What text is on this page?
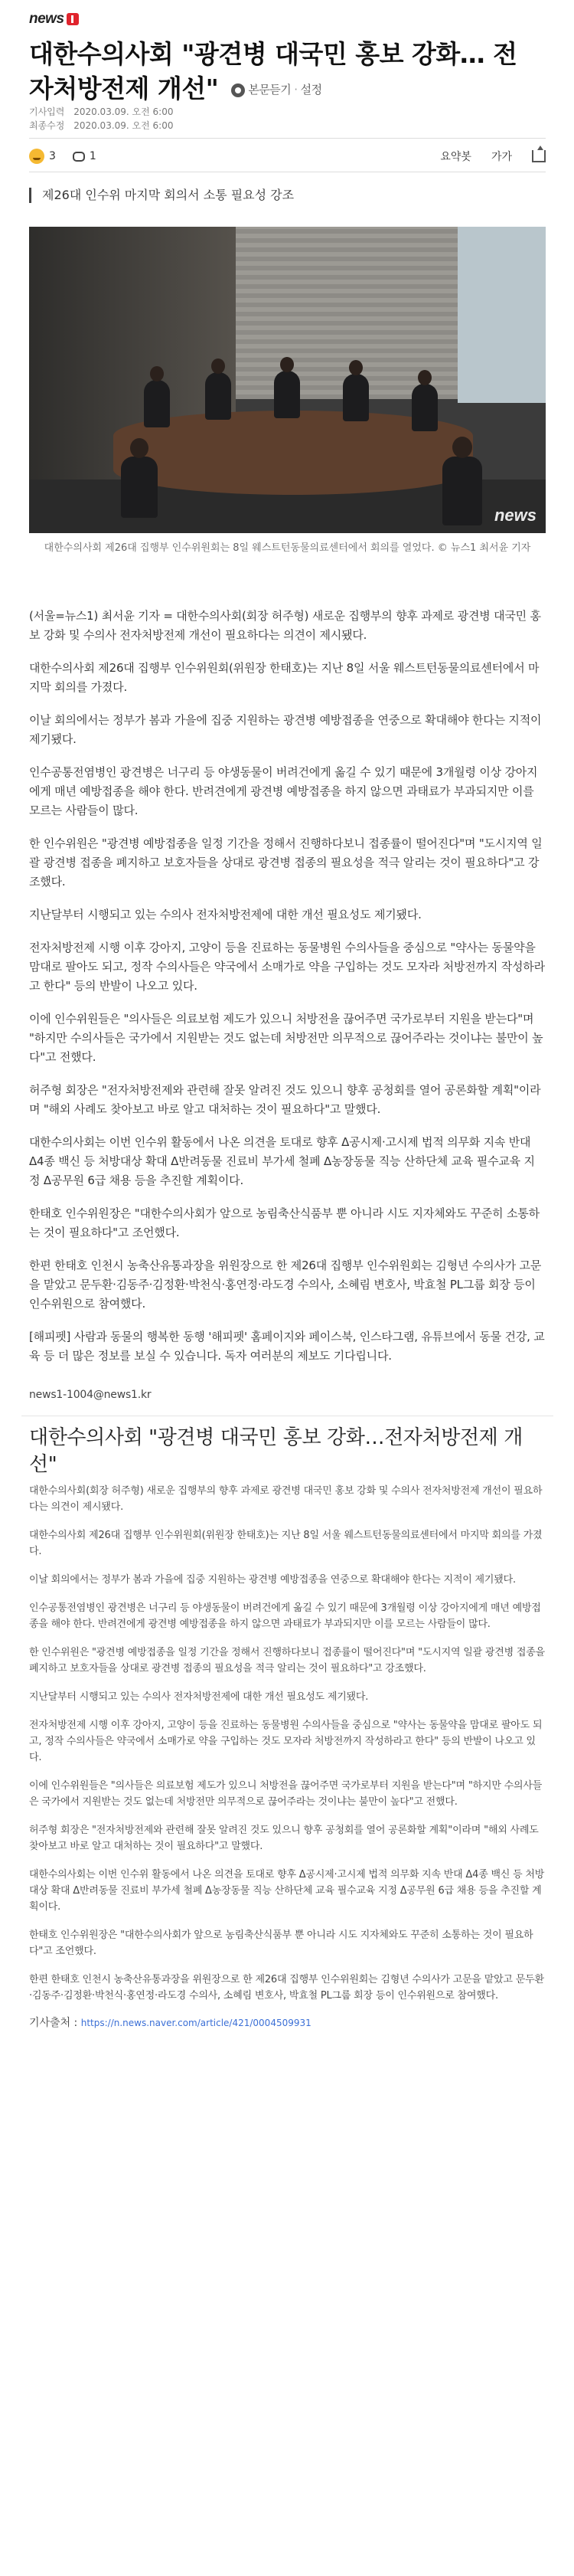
news
대한수의사회 "광견병 대국민 홍보 강화… 전자처방전제 개선"	본문듣기 · 설정
기사입력 2020.03.09. 오전 6:00
최종수정 2020.03.09. 오전 6:00
3	1	요약봇 가가
제26대 인수위 마지막 회의서 소통 필요성 강조
news
대한수의사회 제26대 집행부 인수위원회는 8일 웨스트턴동물의료센터에서 회의를 열었다. © 뉴스1 최서윤 기자

(서울=뉴스1) 최서윤 기자 = 대한수의사회(회장 허주형) 새로운 집행부의 향후 과제로 광견병 대국민 홍보 강화 및 수의사 전자처방전제 개선이 필요하다는 의견이 제시됐다.

대한수의사회 제26대 집행부 인수위원회(위원장 한태호)는 지난 8일 서울 웨스트턴동물의료센터에서 마지막 회의를 가졌다.

이날 회의에서는 정부가 봄과 가을에 집중 지원하는 광견병 예방접종을 연중으로 확대해야 한다는 지적이 제기됐다.

인수공통전염병인 광견병은 너구리 등 야생동물이 버려건에게 옮길 수 있기 때문에 3개월령 이상 강아지에게 매년 예방접종을 해야 한다. 반려견에게 광견병 예방접종을 하지 않으면 과태료가 부과되지만 이를 모르는 사람들이 많다.

한 인수위원은 "광견병 예방접종을 일정 기간을 정해서 진행하다보니 접종률이 떨어진다"며 "도시지역 일괄 광견병 접종을 폐지하고 보호자들을 상대로 광견병 접종의 필요성을 적극 알리는 것이 필요하다"고 강조했다.

지난달부터 시행되고 있는 수의사 전자처방전제에 대한 개선 필요성도 제기됐다.

전자처방전제 시행 이후 강아지, 고양이 등을 진료하는 동물병원 수의사들을 중심으로 "약사는 동물약을 맘대로 팔아도 되고, 정작 수의사들은 약국에서 소매가로 약을 구입하는 것도 모자라 처방전까지 작성하라고 한다" 등의 반발이 나오고 있다.

이에 인수위원들은 "의사들은 의료보험 제도가 있으니 처방전을 끊어주면 국가로부터 지원을 받는다"며 "하지만 수의사들은 국가에서 지원받는 것도 없는데 처방전만 의무적으로 끊어주라는 것이냐는 불만이 높다"고 전했다.

허주형 회장은 "전자처방전제와 관련해 잘못 알려진 것도 있으니 향후 공청회를 열어 공론화할 계획"이라며 "해외 사례도 찾아보고 바로 알고 대처하는 것이 필요하다"고 말했다.

대한수의사회는 이번 인수위 활동에서 나온 의견을 토대로 향후 Δ공시제·고시제 법적 의무화 지속 반대 Δ4종 백신 등 처방대상 확대 Δ반려동물 진료비 부가세 철폐 Δ농장동물 직능 산하단체 교육 필수교육 지정 Δ공무원 6급 채용 등을 추진할 계획이다.

한태호 인수위원장은 "대한수의사회가 앞으로 농림축산식품부 뿐 아니라 시도 지자체와도 꾸준히 소통하는 것이 필요하다"고 조언했다.

한편 한태호 인천시 농축산유통과장을 위원장으로 한 제26대 집행부 인수위원회는 김형년 수의사가 고문을 맡았고 문두환·김동주·김정환·박천식·홍연정·라도경 수의사, 소혜림 변호사, 박효철 PL그룹 회장 등이 인수위원으로 참여했다.

[해피펫] 사람과 동물의 행복한 동행 '해피펫' 홈페이지와 페이스북, 인스타그램, 유튜브에서 동물 건강, 교육 등 더 많은 정보를 보실 수 있습니다. 독자 여러분의 제보도 기다립니다.

news1-1004@news1.kr

대한수의사회 "광견병 대국민 홍보 강화…전자처방전제 개선"

대한수의사회(회장 허주형) 새로운 집행부의 향후 과제로 광견병 대국민 홍보 강화 및 수의사 전자처방전제 개선이 필요하다는 의견이 제시됐다.

대한수의사회 제26대 집행부 인수위원회(위원장 한태호)는 지난 8일 서울 웨스트턴동물의료센터에서 마지막 회의를 가졌다.

이날 회의에서는 정부가 봄과 가을에 집중 지원하는 광견병 예방접종을 연중으로 확대해야 한다는 지적이 제기됐다.

인수공통전염병인 광견병은 너구리 등 야생동물이 버려건에게 옮길 수 있기 때문에 3개월령 이상 강아지에게 매년 예방접종을 해야 한다. 반려견에게 광견병 예방접종을 하지 않으면 과태료가 부과되지만 이를 모르는 사람들이 많다.

한 인수위원은 "광견병 예방접종을 일정 기간을 정해서 진행하다보니 접종률이 떨어진다"며 "도시지역 일괄 광견병 접종을 폐지하고 보호자들을 상대로 광견병 접종의 필요성을 적극 알리는 것이 필요하다"고 강조했다.

지난달부터 시행되고 있는 수의사 전자처방전제에 대한 개선 필요성도 제기됐다.

전자처방전제 시행 이후 강아지, 고양이 등을 진료하는 동물병원 수의사들을 중심으로 "약사는 동물약을 맘대로 팔아도 되고, 정작 수의사들은 약국에서 소매가로 약을 구입하는 것도 모자라 처방전까지 작성하라고 한다" 등의 반발이 나오고 있다.

이에 인수위원들은 "의사들은 의료보험 제도가 있으니 처방전을 끊어주면 국가로부터 지원을 받는다"며 "하지만 수의사들은 국가에서 지원받는 것도 없는데 처방전만 의무적으로 끊어주라는 것이냐는 불만이 높다"고 전했다.

허주형 회장은 "전자처방전제와 관련해 잘못 알려진 것도 있으니 향후 공청회를 열어 공론화할 계획"이라며 "해외 사례도 찾아보고 바로 알고 대처하는 것이 필요하다"고 말했다.

대한수의사회는 이번 인수위 활동에서 나온 의견을 토대로 향후 Δ공시제·고시제 법적 의무화 지속 반대 Δ4종 백신 등 처방대상 확대 Δ반려동물 진료비 부가세 철폐 Δ농장동물 직능 산하단체 교육 필수교육 지정 Δ공무원 6급 채용 등을 추진할 계획이다.

한태호 인수위원장은 "대한수의사회가 앞으로 농림축산식품부 뿐 아니라 시도 지자체와도 꾸준히 소통하는 것이 필요하다"고 조언했다.

한편 한태호 인천시 농축산유통과장을 위원장으로 한 제26대 집행부 인수위원회는 김형년 수의사가 고문을 맡았고 문두환·김동주·김정환·박천식·홍연정·라도경 수의사, 소혜림 변호사, 박효철 PL그룹 회장 등이 인수위원으로 참여했다.

기사출처 : https://n.news.naver.com/article/421/0004509931
